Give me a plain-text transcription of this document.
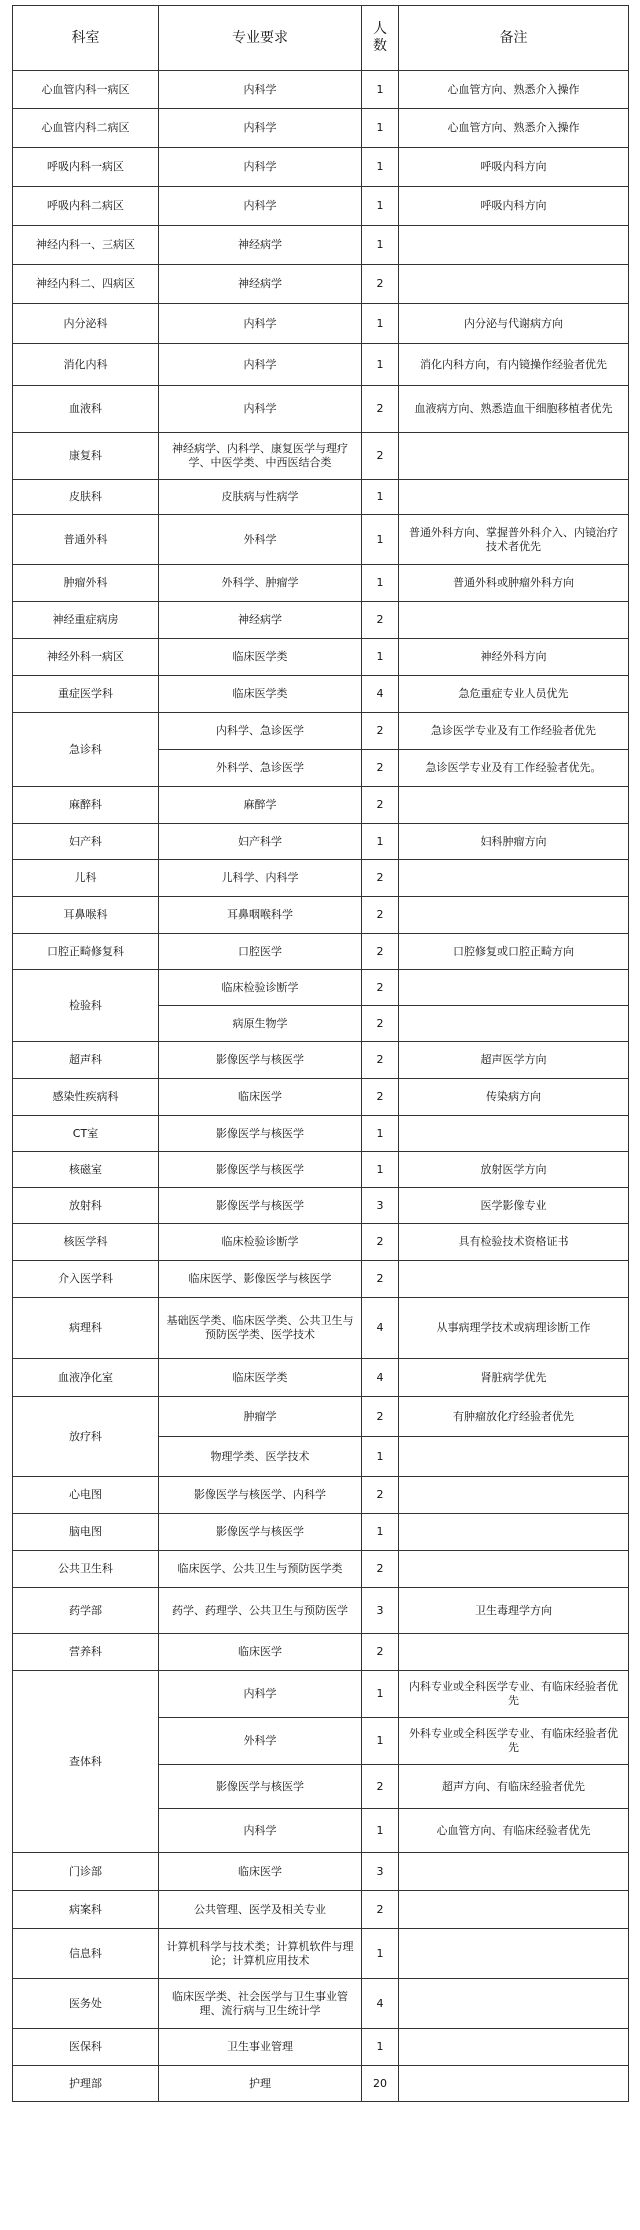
科室	专业要求	人数	备注
心血管内科一病区	内科学	1	心血管方向、熟悉介入操作
心血管内科二病区	内科学	1	心血管方向、熟悉介入操作
呼吸内科一病区	内科学	1	呼吸内科方向
呼吸内科二病区	内科学	1	呼吸内科方向
神经内科一、三病区	神经病学	1	
神经内科二、四病区	神经病学	2	
内分泌科	内科学	1	内分泌与代谢病方向
消化内科	内科学	1	消化内科方向，有内镜操作经验者优先
血液科	内科学	2	血液病方向、熟悉造血干细胞移植者优先
康复科	神经病学、内科学、康复医学与理疗学、中医学类、中西医结合类	2	
皮肤科	皮肤病与性病学	1	
普通外科	外科学	1	普通外科方向、掌握普外科介入、内镜治疗技术者优先
肿瘤外科	外科学、肿瘤学	1	普通外科或肿瘤外科方向
神经重症病房	神经病学	2	
神经外科一病区	临床医学类	1	神经外科方向
重症医学科	临床医学类	4	急危重症专业人员优先
急诊科	内科学、急诊医学	2	急诊医学专业及有工作经验者优先
	外科学、急诊医学	2	急诊医学专业及有工作经验者优先。
麻醉科	麻醉学	2	
妇产科	妇产科学	1	妇科肿瘤方向
儿科	儿科学、内科学	2	
耳鼻喉科	耳鼻咽喉科学	2	
口腔正畸修复科	口腔医学	2	口腔修复或口腔正畸方向
检验科	临床检验诊断学	2	
	病原生物学	2	
超声科	影像医学与核医学	2	超声医学方向
感染性疾病科	临床医学	2	传染病方向
CT室	影像医学与核医学	1	
核磁室	影像医学与核医学	1	放射医学方向
放射科	影像医学与核医学	3	医学影像专业
核医学科	临床检验诊断学	2	具有检验技术资格证书
介入医学科	临床医学、影像医学与核医学	2	
病理科	基础医学类、临床医学类、公共卫生与预防医学类、医学技术	4	从事病理学技术或病理诊断工作
血液净化室	临床医学类	4	肾脏病学优先
放疗科	肿瘤学	2	有肿瘤放化疗经验者优先
	物理学类、医学技术	1	
心电图	影像医学与核医学、内科学	2	
脑电图	影像医学与核医学	1	
公共卫生科	临床医学、公共卫生与预防医学类	2	
药学部	药学、药理学、公共卫生与预防医学	3	卫生毒理学方向
营养科	临床医学	2	
查体科	内科学	1	内科专业或全科医学专业、有临床经验者优先
	外科学	1	外科专业或全科医学专业、有临床经验者优先
	影像医学与核医学	2	超声方向、有临床经验者优先
	内科学	1	心血管方向、有临床经验者优先
门诊部	临床医学	3	
病案科	公共管理、医学及相关专业	2	
信息科	计算机科学与技术类；计算机软件与理论；计算机应用技术	1	
医务处	临床医学类、社会医学与卫生事业管理、流行病与卫生统计学	4	
医保科	卫生事业管理	1	
护理部	护理	20	
